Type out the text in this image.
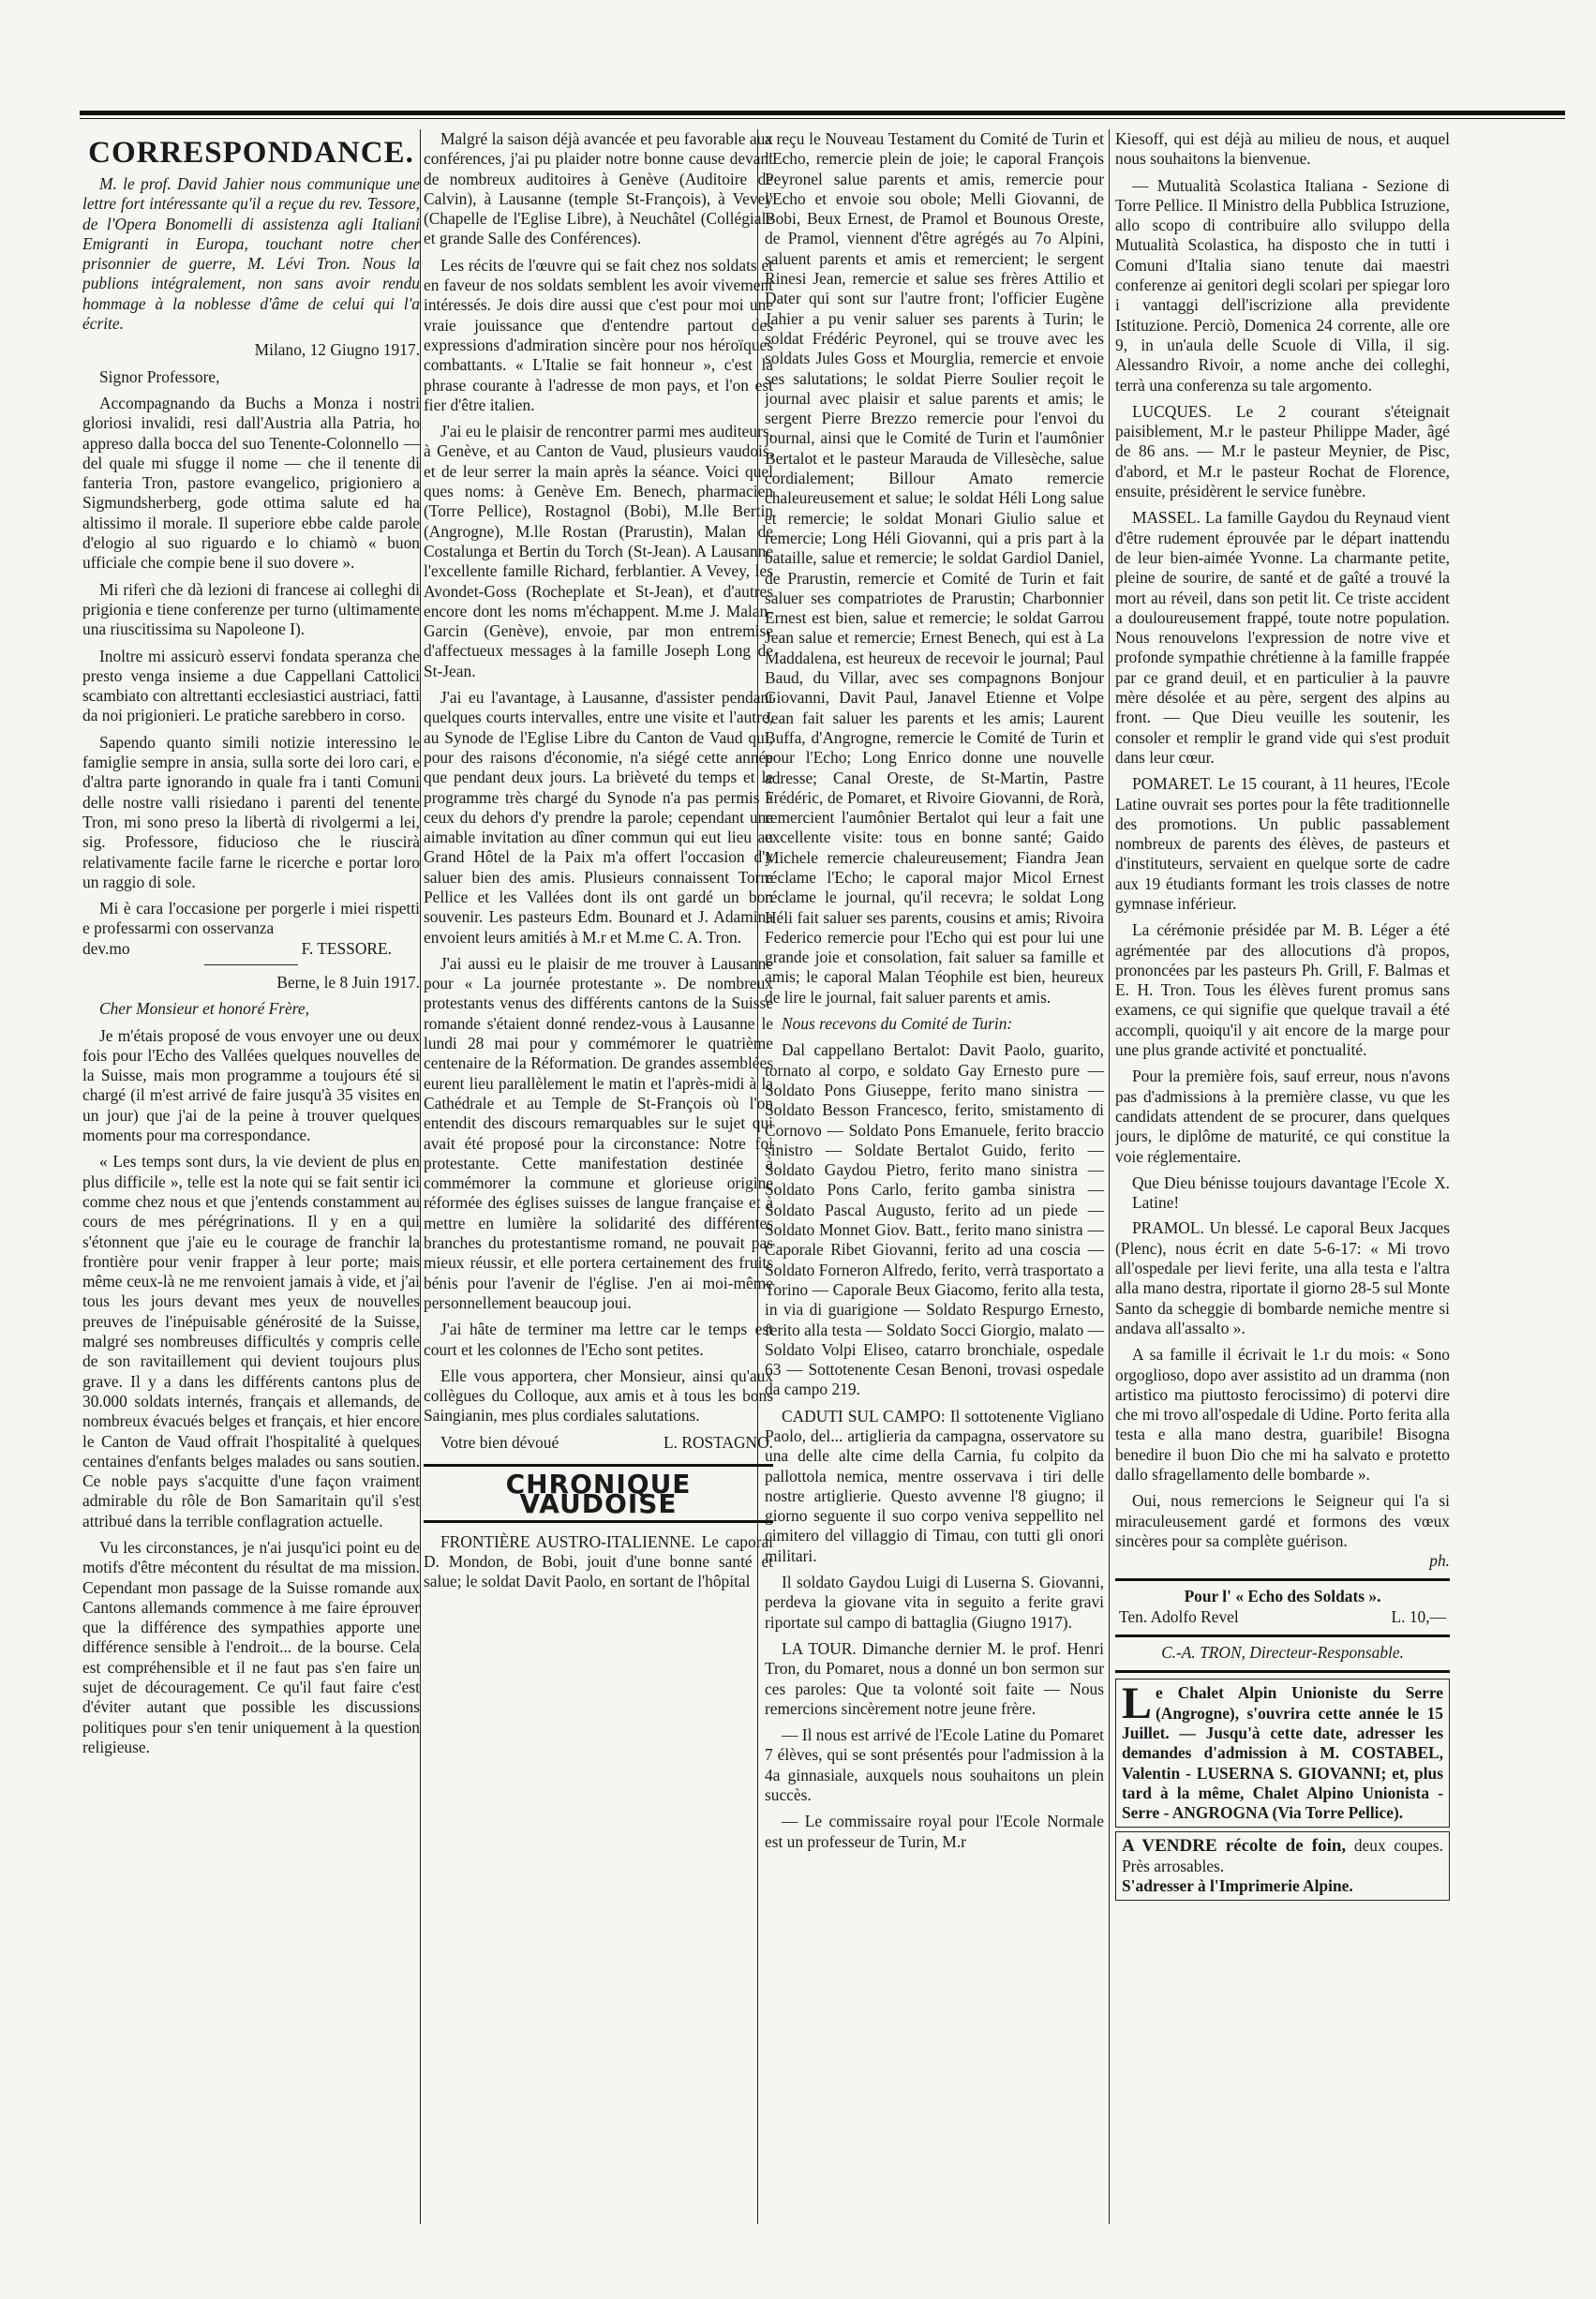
CORRESPONDANCE.

M. le prof. David Jahier nous communique une lettre fort intéressante qu'il a reçue du rev. Tessore, de l'Opera Bonomelli di assistenza agli Italiani Emigranti in Europa, touchant notre cher prisonnier de guerre, M. Lévi Tron. Nous la publions intégralement, non sans avoir rendu hommage à la noblesse d'âme de celui qui l'a écrite.

Milano, 12 Giugno 1917.

Signor Professore,

Accompagnando da Buchs a Monza i nostri gloriosi invalidi, resi dall'Austria alla Patria, ho appreso dalla bocca del suo Tenente-Colonnello — del quale mi sfugge il nome — che il tenente di fanteria Tron, pastore evangelico, prigioniero a Sigmundsherberg, gode ottima salute ed ha altissimo il morale. Il superiore ebbe calde parole d'elogio al suo riguardo e lo chiamò « buon ufficiale che compie bene il suo dovere ».

Mi riferì che dà lezioni di francese ai colleghi di prigionia e tiene conferenze per turno (ultimamente una riuscitissima su Napoleone I).

Inoltre mi assicurò esservi fondata speranza che presto venga insieme a due Cappellani Cattolici scambiato con altrettanti ecclesiastici austriaci, fatti da noi prigionieri. Le pratiche sarebbero in corso.

Sapendo quanto simili notizie interessino le famiglie sempre in ansia, sulla sorte dei loro cari, e d'altra parte ignorando in quale fra i tanti Comuni delle nostre valli risiedano i parenti del tenente Tron, mi sono preso la libertà di rivolgermi a lei, sig. Professore, fiducioso che le riuscirà relativamente facile farne le ricerche e portar loro un raggio di sole.

Mi è cara l'occasione per porgerle i miei rispetti e professarmi con osservanza

dev.mo	F. TESSORE.

Berne, le 8 Juin 1917.

Cher Monsieur et honoré Frère,

Je m'étais proposé de vous envoyer une ou deux fois pour l'Echo des Vallées quelques nouvelles de la Suisse, mais mon programme a toujours été si chargé (il m'est arrivé de faire jusqu'à 35 visites en un jour) que j'ai de la peine à trouver quelques moments pour ma correspondance.

« Les temps sont durs, la vie devient de plus en plus difficile », telle est la note qui se fait sentir ici comme chez nous et que j'entends constamment au cours de mes pérégrinations. Il y en a qui s'étonnent que j'aie eu le courage de franchir la frontière pour venir frapper à leur porte; mais même ceux-là ne me renvoient jamais à vide, et j'ai tous les jours devant mes yeux de nouvelles preuves de l'inépuisable générosité de la Suisse, malgré ses nombreuses difficultés y compris celle de son ravitaillement qui devient toujours plus grave. Il y a dans les différents cantons plus de 30.000 soldats internés, français et allemands, de nombreux évacués belges et français, et hier encore le Canton de Vaud offrait l'hospitalité à quelques centaines d'enfants belges malades ou sans soutien. Ce noble pays s'acquitte d'une façon vraiment admirable du rôle de Bon Samaritain qu'il s'est attribué dans la terrible conflagration actuelle.

Vu les circonstances, je n'ai jusqu'ici point eu de motifs d'être mécontent du résultat de ma mission. Cependant mon passage de la Suisse romande aux Cantons allemands commence à me faire éprouver que la différence des sympathies apporte une différence sensible à l'endroit... de la bourse. Cela est compréhensible et il ne faut pas s'en faire un sujet de découragement. Ce qu'il faut faire c'est d'éviter autant que possible les discussions politiques pour s'en tenir uniquement à la question religieuse.

Malgré la saison déjà avancée et peu favorable aux conférences, j'ai pu plaider notre bonne cause devant de nombreux auditoires à Genève (Auditoire de Calvin), à Lausanne (temple St-François), à Vevey (Chapelle de l'Eglise Libre), à Neuchâtel (Collégiale et grande Salle des Conférences).

Les récits de l'œuvre qui se fait chez nos soldats et en faveur de nos soldats semblent les avoir vivement intéressés. Je dois dire aussi que c'est pour moi une vraie jouissance que d'entendre partout des expressions d'admiration sincère pour nos héroïques combattants. « L'Italie se fait honneur », c'est la phrase courante à l'adresse de mon pays, et l'on est fier d'être italien.

J'ai eu le plaisir de rencontrer parmi mes auditeurs, à Genève, et au Canton de Vaud, plusieurs vaudois, et de leur serrer la main après la séance. Voici quel ques noms: à Genève Em. Benech, pharmacien (Torre Pellice), Rostagnol (Bobi), M.lle Bertin (Angrogne), M.lle Rostan (Prarustin), Malan de Costalunga et Bertin du Torch (St-Jean). A Lausanne l'excellente famille Richard, ferblantier. A Vevey, les Avondet-Goss (Rocheplate et St-Jean), et d'autres encore dont les noms m'échappent. M.me J. Malan-Garcin (Genève), envoie, par mon entremise d'affectueux messages à la famille Joseph Long de St-Jean.

J'ai eu l'avantage, à Lausanne, d'assister pendant quelques courts intervalles, entre une visite et l'autre, au Synode de l'Eglise Libre du Canton de Vaud qui, pour des raisons d'économie, n'a siégé cette année que pendant deux jours. La brièveté du temps et le programme très chargé du Synode n'a pas permis à ceux du dehors d'y prendre la parole; cependant une aimable invitation au dîner commun qui eut lieu au Grand Hôtel de la Paix m'a offert l'occasion d'y saluer bien des amis. Plusieurs connaissent Torre Pellice et les Vallées dont ils ont gardé un bon souvenir. Les pasteurs Edm. Bounard et J. Adamina envoient leurs amitiés à M.r et M.me C. A. Tron.

J'ai aussi eu le plaisir de me trouver à Lausanne pour « La journée protestante ». De nombreux protestants venus des différents cantons de la Suisse romande s'étaient donné rendez-vous à Lausanne le lundi 28 mai pour y commémorer le quatrième centenaire de la Réformation. De grandes assemblées eurent lieu parallèlement le matin et l'après-midi à la Cathédrale et au Temple de St-François où l'on entendit des discours remarquables sur le sujet qui avait été proposé pour la circonstance: Notre foi protestante. Cette manifestation destinée à commémorer la commune et glorieuse origine réformée des églises suisses de langue française et à mettre en lumière la solidarité des différentes branches du protestantisme romand, ne pouvait pas mieux réussir, et elle portera certainement des fruits bénis pour l'avenir de l'église. J'en ai moi-même personnellement beaucoup joui.

J'ai hâte de terminer ma lettre car le temps est court et les colonnes de l'Echo sont petites.

Elle vous apportera, cher Monsieur, ainsi qu'aux collègues du Colloque, aux amis et à tous les bons Saingianin, mes plus cordiales salutations.

Votre bien dévoué	L. ROSTAGNO.
CHRONIQUE VAUDOISE

FRONTIÈRE AUSTRO-ITALIENNE. Le caporal D. Mondon, de Bobi, jouit d'une bonne santé et salue; le soldat Davit Paolo, en sortant de l'hôpital

a reçu le Nouveau Testament du Comité de Turin et l'Echo, remercie plein de joie; le caporal François Peyronel salue parents et amis, remercie pour l'Echo et envoie sou obole; Melli Giovanni, de Bobi, Beux Ernest, de Pramol et Bounous Oreste, de Pramol, viennent d'être agrégés au 7o Alpini, saluent parents et amis et remercient; le sergent Rinesi Jean, remercie et salue ses frères Attilio et Dater qui sont sur l'autre front; l'officier Eugène Jahier a pu venir saluer ses parents à Turin; le soldat Frédéric Peyronel, qui se trouve avec les soldats Jules Goss et Mourglia, remercie et envoie ses salutations; le soldat Pierre Soulier reçoit le journal avec plaisir et salue parents et amis; le sergent Pierre Brezzo remercie pour l'envoi du journal, ainsi que le Comité de Turin et l'aumônier Bertalot et le pasteur Marauda de Villesèche, salue cordialement; Billour Amato remercie chaleureusement et salue; le soldat Héli Long salue et remercie; le soldat Monari Giulio salue et remercie; Long Héli Giovanni, qui a pris part à la bataille, salue et remercie; le soldat Gardiol Daniel, de Prarustin, remercie et Comité de Turin et fait saluer ses compatriotes de Prarustin; Charbonnier Ernest est bien, salue et remercie; le soldat Garrou Jean salue et remercie; Ernest Benech, qui est à La Maddalena, est heureux de recevoir le journal; Paul Baud, du Villar, avec ses compagnons Bonjour Giovanni, Davit Paul, Janavel Etienne et Volpe Jean fait saluer les parents et les amis; Laurent Buffa, d'Angrogne, remercie le Comité de Turin et pour l'Echo; Long Enrico donne une nouvelle adresse; Canal Oreste, de St-Martin, Pastre Frédéric, de Pomaret, et Rivoire Giovanni, de Rorà, remercient l'aumônier Bertalot qui leur a fait une excellente visite: tous en bonne santé; Gaido Michele remercie chaleureusement; Fiandra Jean réclame l'Echo; le caporal major Micol Ernest réclame le journal, qu'il recevra; le soldat Long Héli fait saluer ses parents, cousins et amis; Rivoira Federico remercie pour l'Echo qui est pour lui une grande joie et consolation, fait saluer sa famille et amis; le caporal Malan Téophile est bien, heureux de lire le journal, fait saluer parents et amis.

Nous recevons du Comité de Turin:

Dal cappellano Bertalot: Davit Paolo, guarito, tornato al corpo, e soldato Gay Ernesto pure — Soldato Pons Giuseppe, ferito mano sinistra — Soldato Besson Francesco, ferito, smistamento di Cornovo — Soldato Pons Emanuele, ferito braccio sinistro — Soldate Bertalot Guido, ferito — Soldato Gaydou Pietro, ferito mano sinistra — Soldato Pons Carlo, ferito gamba sinistra — Soldato Pascal Augusto, ferito ad un piede — Soldato Monnet Giov. Batt., ferito mano sinistra — Caporale Ribet Giovanni, ferito ad una coscia — Soldato Forneron Alfredo, ferito, verrà trasportato a Torino — Caporale Beux Giacomo, ferito alla testa, in via di guarigione — Soldato Respurgo Ernesto, ferito alla testa — Soldato Socci Giorgio, malato — Soldato Volpi Eliseo, catarro bronchiale, ospedale 63 — Sottotenente Cesan Benoni, trovasi ospedale da campo 219.

CADUTI SUL CAMPO: Il sottotenente Vigliano Paolo, del... artiglieria da campagna, osservatore su una delle alte cime della Carnia, fu colpito da pallottola nemica, mentre osservava i tiri delle nostre artiglierie. Questo avvenne l'8 giugno; il giorno seguente il suo corpo veniva seppellito nel cimitero del villaggio di Timau, con tutti gli onori militari.

Il soldato Gaydou Luigi di Luserna S. Giovanni, perdeva la giovane vita in seguito a ferite gravi riportate sul campo di battaglia (Giugno 1917).

LA TOUR. Dimanche dernier M. le prof. Henri Tron, du Pomaret, nous a donné un bon sermon sur ces paroles: Que ta volonté soit faite — Nous remercions sincèrement notre jeune frère.

— Il nous est arrivé de l'Ecole Latine du Pomaret 7 élèves, qui se sont présentés pour l'admission à la 4a ginnasiale, auxquels nous souhaitons un plein succès.

— Le commissaire royal pour l'Ecole Normale est un professeur de Turin, M.r

Kiesoff, qui est déjà au milieu de nous, et auquel nous souhaitons la bienvenue.

— Mutualità Scolastica Italiana - Sezione di Torre Pellice. Il Ministro della Pubblica Istruzione, allo scopo di contribuire allo sviluppo della Mutualità Scolastica, ha disposto che in tutti i Comuni d'Italia siano tenute dai maestri conferenze ai genitori degli scolari per spiegar loro i vantaggi dell'iscrizione alla previdente Istituzione. Perciò, Domenica 24 corrente, alle ore 9, in un'aula delle Scuole di Villa, il sig. Alessandro Rivoir, a nome anche dei colleghi, terrà una conferenza su tale argomento.

LUCQUES. Le 2 courant s'éteignait paisiblement, M.r le pasteur Philippe Mader, âgé de 86 ans. — M.r le pasteur Meynier, de Pisc, d'abord, et M.r le pasteur Rochat de Florence, ensuite, présidèrent le service funèbre.

MASSEL. La famille Gaydou du Reynaud vient d'être rudement éprouvée par le départ inattendu de leur bien-aimée Yvonne. La charmante petite, pleine de sourire, de santé et de gaîté a trouvé la mort au réveil, dans son petit lit. Ce triste accident a douloureusement frappé, toute notre population. Nous renouvelons l'expression de notre vive et profonde sympathie chrétienne à la famille frappée par ce grand deuil, et en particulier à la pauvre mère désolée et au père, sergent des alpins au front. — Que Dieu veuille les soutenir, les consoler et remplir le grand vide qui s'est produit dans leur cœur.

POMARET. Le 15 courant, à 11 heures, l'Ecole Latine ouvrait ses portes pour la fête traditionnelle des promotions. Un public passablement nombreux de parents des élèves, de pasteurs et d'instituteurs, servaient en quelque sorte de cadre aux 19 étudiants formant les trois classes de notre gymnase inférieur.

La cérémonie présidée par M. B. Léger a été agrémentée par des allocutions d'à propos, prononcées par les pasteurs Ph. Grill, F. Balmas et E. H. Tron. Tous les élèves furent promus sans examens, ce qui signifie que quelque travail a été accompli, quoiqu'il y ait encore de la marge pour une plus grande activité et ponctualité.

Pour la première fois, sauf erreur, nous n'avons pas d'admissions à la première classe, vu que les candidats attendent de se procurer, dans quelques jours, le diplôme de maturité, ce qui constitue la voie réglementaire.

Que Dieu bénisse toujours davantage l'Ecole Latine!
X.

PRAMOL. Un blessé. Le caporal Beux Jacques (Plenc), nous écrit en date 5-6-17: « Mi trovo all'ospedale per lievi ferite, una alla testa e l'altra alla mano destra, riportate il giorno 28-5 sul Monte Santo da scheggie di bombarde nemiche mentre si andava all'assalto ».

A sa famille il écrivait le 1.r du mois: « Sono orgoglioso, dopo aver assistito ad un dramma (non artistico ma piuttosto ferocissimo) di potervi dire che mi trovo all'ospedale di Udine. Porto ferita alla testa e alla mano destra, guaribile! Bisogna benedire il buon Dio che mi ha salvato e protetto dallo sfragellamento delle bombarde ».

Oui, nous remercions le Seigneur qui l'a si miraculeusement gardé et formons des vœux sincères pour sa complète guérison.

ph.
Pour l' « Echo des Soldats ».
Ten. Adolfo Revel	L. 10,—
C.-A. TRON, Directeur-Responsable.
Le Chalet Alpin Unioniste du Serre (Angrogne), s'ouvrira cette année le 15 Juillet. — Jusqu'à cette date, adresser les demandes d'admission à M. COSTABEL, Valentin - LUSERNA S. GIOVANNI; et, plus tard à la même, Chalet Alpino Unionista - Serre - ANGROGNA (Via Torre Pellice).
A VENDRE récolte de foin, deux coupes. Près arrosables.
S'adresser à l'Imprimerie Alpine.
